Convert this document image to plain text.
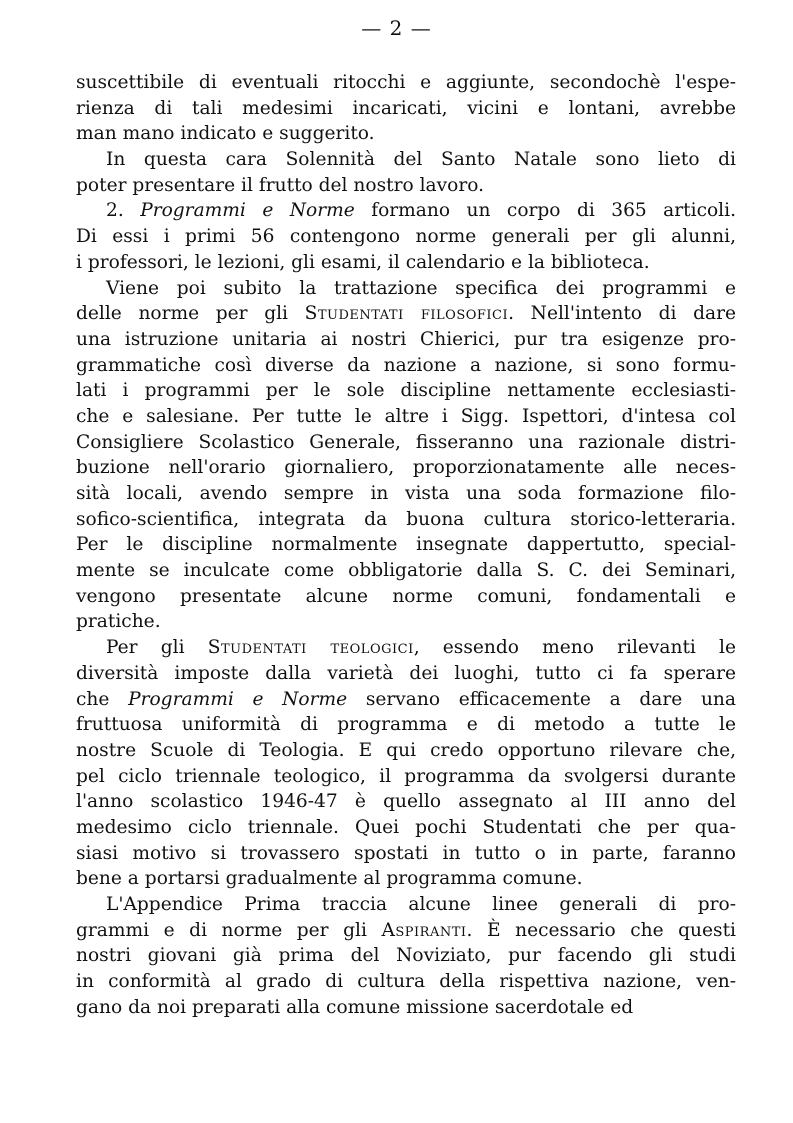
— 2 —
suscettibile di eventuali ritocchi e aggiunte, secondochè l'espe-
rienza di tali medesimi incaricati, vicini e lontani, avrebbe
man mano indicato e suggerito.
In questa cara Solennità del Santo Natale sono lieto di
poter presentare il frutto del nostro lavoro.
2. Programmi e Norme formano un corpo di 365 articoli.
Di essi i primi 56 contengono norme generali per gli alunni,
i professori, le lezioni, gli esami, il calendario e la biblioteca.
Viene poi subito la trattazione specifica dei programmi e
delle norme per gli Studentati filosofici. Nell'intento di dare
una istruzione unitaria ai nostri Chierici, pur tra esigenze pro-
grammatiche così diverse da nazione a nazione, si sono formu-
lati i programmi per le sole discipline nettamente ecclesiasti-
che e salesiane. Per tutte le altre i Sigg. Ispettori, d'intesa col
Consigliere Scolastico Generale, fisseranno una razionale distri-
buzione nell'orario giornaliero, proporzionatamente alle neces-
sità locali, avendo sempre in vista una soda formazione filo-
sofico-scientifica, integrata da buona cultura storico-letteraria.
Per le discipline normalmente insegnate dappertutto, special-
mente se inculcate come obbligatorie dalla S. C. dei Seminari,
vengono presentate alcune norme comuni, fondamentali e
pratiche.
Per gli Studentati teologici, essendo meno rilevanti le
diversità imposte dalla varietà dei luoghi, tutto ci fa sperare
che Programmi e Norme servano efficacemente a dare una
fruttuosa uniformità di programma e di metodo a tutte le
nostre Scuole di Teologia. E qui credo opportuno rilevare che,
pel ciclo triennale teologico, il programma da svolgersi durante
l'anno scolastico 1946-47 è quello assegnato al III anno del
medesimo ciclo triennale. Quei pochi Studentati che per qua-
siasi motivo si trovassero spostati in tutto o in parte, faranno
bene a portarsi gradualmente al programma comune.
L'Appendice Prima traccia alcune linee generali di pro-
grammi e di norme per gli Aspiranti. È necessario che questi
nostri giovani già prima del Noviziato, pur facendo gli studi
in conformità al grado di cultura della rispettiva nazione, ven-
gano da noi preparati alla comune missione sacerdotale ed
